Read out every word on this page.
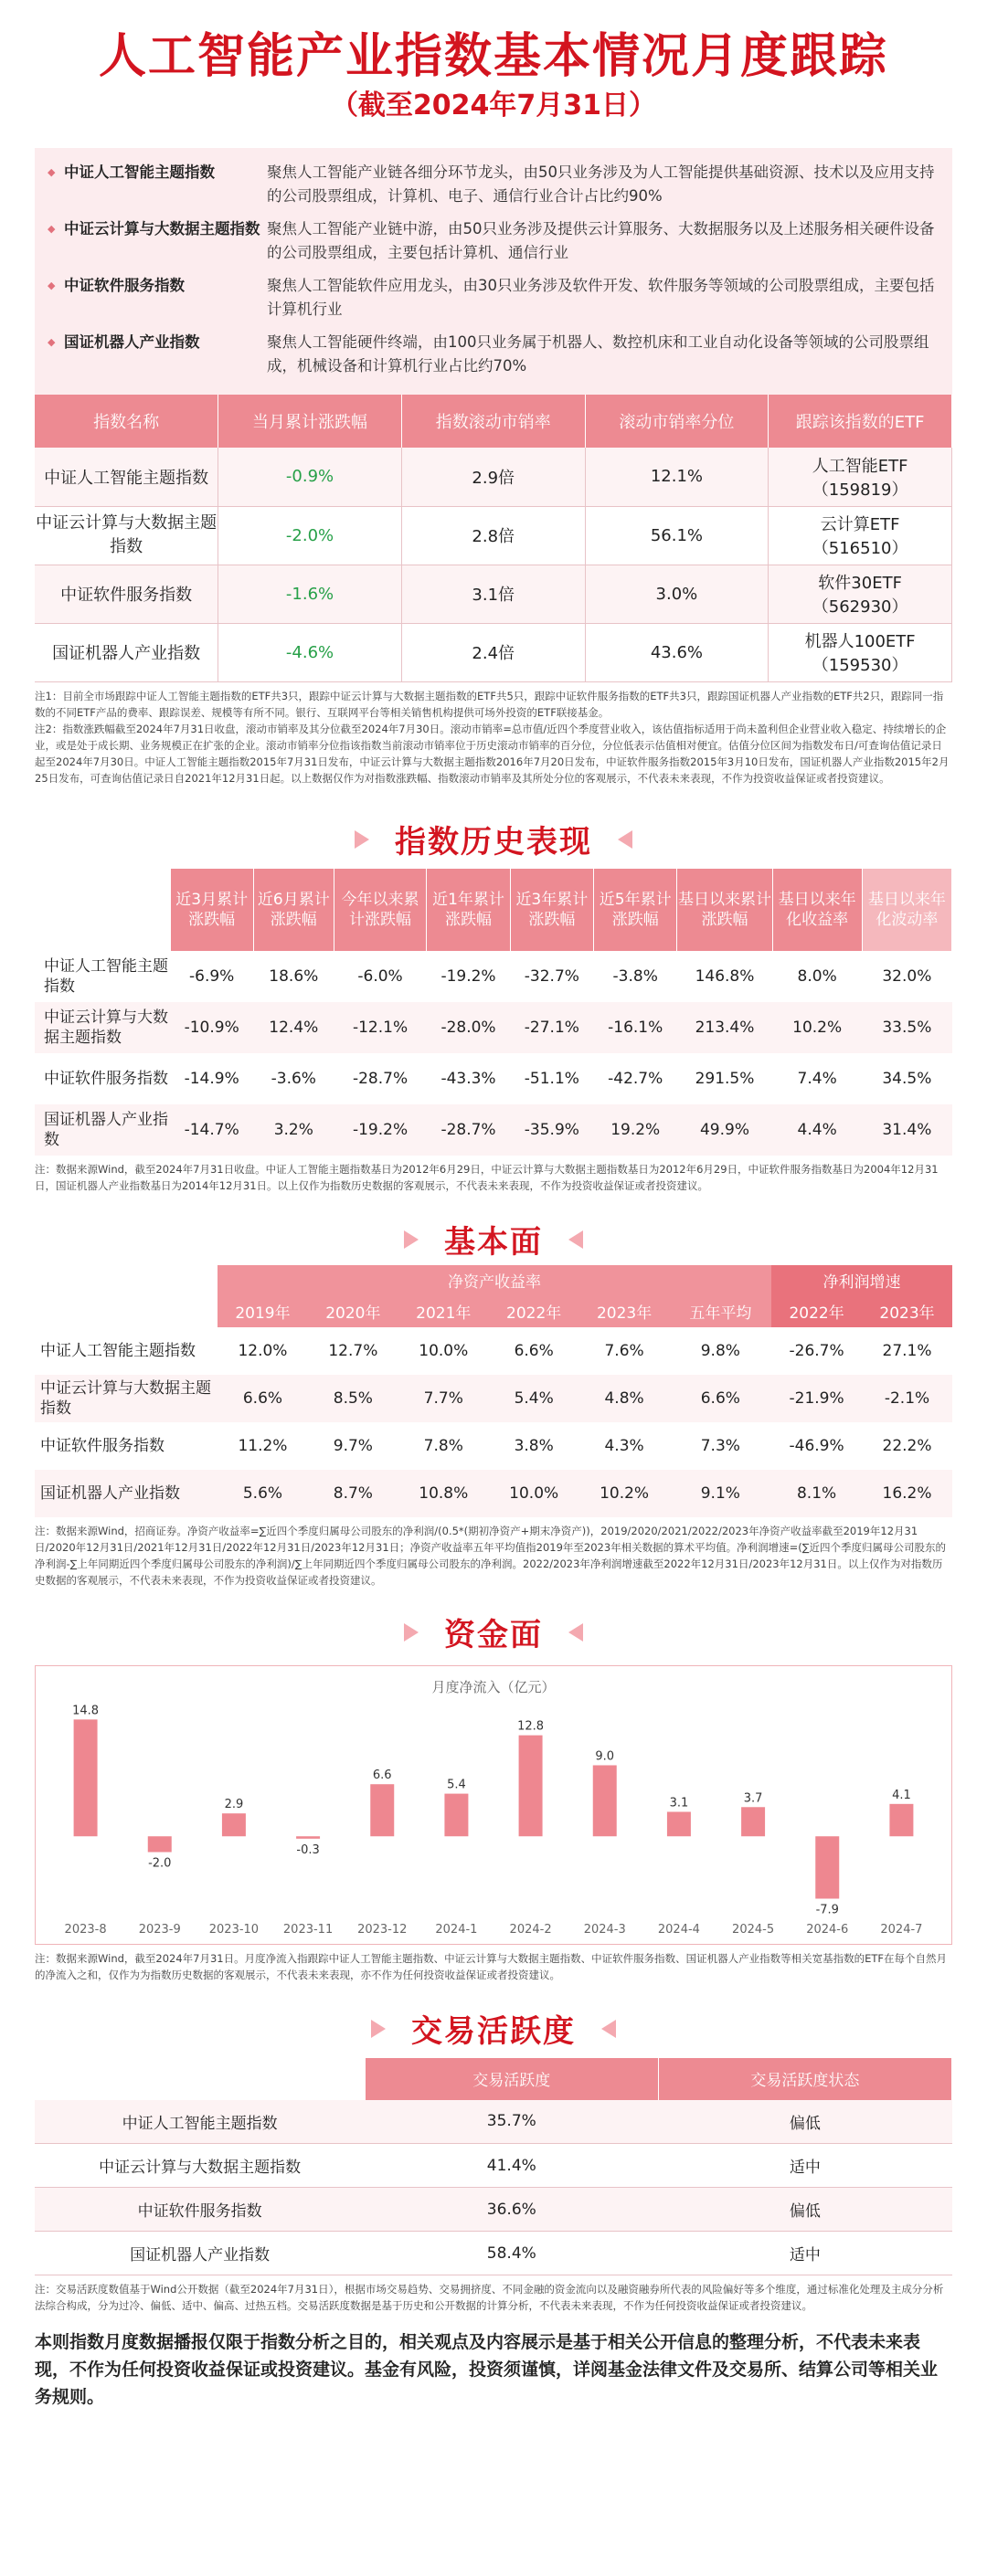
人工智能产业指数基本情况月度跟踪
（截至2024年7月31日）
◆ 中证人工智能主题指数	聚焦人工智能产业链各细分环节龙头，由50只业务涉及为人工智能提供基础资源、技术以及应用支持的公司股票组成，计算机、电子、通信行业合计占比约90%
◆ 中证云计算与大数据主题指数 聚焦人工智能产业链中游，由50只业务涉及提供云计算服务、大数据服务以及上述服务相关硬件设备的公司股票组成，主要包括计算机、通信行业
◆ 中证软件服务指数	聚焦人工智能软件应用龙头，由30只业务涉及软件开发、软件服务等领域的公司股票组成，主要包括计算机行业
◆ 国证机器人产业指数	聚焦人工智能硬件终端，由100只业务属于机器人、数控机床和工业自动化设备等领域的公司股票组成，机械设备和计算机行业占比约70%
指数名称	当月累计涨跌幅	指数滚动市销率	滚动市销率分位	跟踪该指数的ETF
中证人工智能主题指数	-0.9%	2.9倍	12.1%	人工智能ETF
（159819）

中证云计算与大数据主题指数	-2.0%	2.8倍	56.1%	云计算ETF
（516510）

中证软件服务指数	-1.6%	3.1倍	3.0%	软件30ETF
（562930）

国证机器人产业指数	-4.6%	2.4倍	43.6%	机器人100ETF
（159530）
注1：目前全市场跟踪中证人工智能主题指数的ETF共3只，跟踪中证云计算与大数据主题指数的ETF共5只，跟踪中证软件服务指数的ETF共3只，跟踪国证机器人产业指数的ETF共2只，跟踪同一指数的不同ETF产品的费率、跟踪误差、规模等有所不同。银行、互联网平台等相关销售机构提供可场外投资的ETF联接基金。
注2：指数涨跌幅截至2024年7月31日收盘，滚动市销率及其分位截至2024年7月30日。滚动市销率=总市值/近四个季度营业收入，该估值指标适用于尚未盈利但企业营业收入稳定、持续增长的企业，或是处于成长期、业务规模正在扩张的企业。滚动市销率分位指该指数当前滚动市销率位于历史滚动市销率的百分位，分位低表示估值相对便宜。估值分位区间为指数发布日/可查询估值记录日起至2024年7月30日。中证人工智能主题指数2015年7月31日发布，中证云计算与大数据主题指数2016年7月20日发布，中证软件服务指数2015年3月10日发布，国证机器人产业指数2015年2月25日发布，可查询估值记录日自2021年12月31日起。以上数据仅作为对指数涨跌幅、指数滚动市销率及其所处分位的客观展示，不代表未来表现，不作为投资收益保证或者投资建议。
指数历史表现
	近3月累计涨跌幅	近6月累计涨跌幅	今年以来累计涨跌幅	近1年累计涨跌幅	近3年累计涨跌幅	近5年累计涨跌幅	基日以来累计涨跌幅	基日以来年化收益率	基日以来年化波动率
中证人工智能主题指数	-6.9%	18.6%	-6.0%	-19.2%	-32.7%	-3.8%	146.8%	8.0%	32.0%
中证云计算与大数据主题指数	-10.9%	12.4%	-12.1%	-28.0%	-27.1%	-16.1%	213.4%	10.2%	33.5%
中证软件服务指数	-14.9%	-3.6%	-28.7%	-43.3%	-51.1%	-42.7%	291.5%	7.4%	34.5%
国证机器人产业指数	-14.7%	3.2%	-19.2%	-28.7%	-35.9%	19.2%	49.9%	4.4%	31.4%
注：数据来源Wind，截至2024年7月31日收盘。中证人工智能主题指数基日为2012年6月29日，中证云计算与大数据主题指数基日为2012年6月29日，中证软件服务指数基日为2004年12月31日，国证机器人产业指数基日为2014年12月31日。以上仅作为指数历史数据的客观展示，不代表未来表现，不作为投资收益保证或者投资建议。
基本面
	净资产收益率						净利润增速	
	2019年	2020年	2021年	2022年	2023年	五年平均	2022年	2023年
中证人工智能主题指数	12.0%	12.7%	10.0%	6.6%	7.6%	9.8%	-26.7%	27.1%
中证云计算与大数据主题指数	6.6%	8.5%	7.7%	5.4%	4.8%	6.6%	-21.9%	-2.1%
中证软件服务指数	11.2%	9.7%	7.8%	3.8%	4.3%	7.3%	-46.9%	22.2%
国证机器人产业指数	5.6%	8.7%	10.8%	10.0%	10.2%	9.1%	8.1%	16.2%
注：数据来源Wind，招商证券。净资产收益率=∑近四个季度归属母公司股东的净利润/(0.5*(期初净资产+期末净资产))，2019/2020/2021/2022/2023年净资产收益率截至2019年12月31日/2020年12月31日/2021年12月31日/2022年12月31日/2023年12月31日；净资产收益率五年平均值指2019年至2023年相关数据的算术平均值。净利润增速=(∑近四个季度归属母公司股东的净利润-∑上年同期近四个季度归属母公司股东的净利润)/∑上年同期近四个季度归属母公司股东的净利润。2022/2023年净利润增速截至2022年12月31日/2023年12月31日。以上仅作为对指数历史数据的客观展示，不代表未来表现，不作为投资收益保证或者投资建议。
资金面
月度净流入（亿元）
14.8
2023-8
-2.0
2023-9
2.9
2023-10
-0.3
2023-11
6.6
2023-12
5.4
2024-1
12.8
2024-2
9.0
2024-3
3.1
2024-4
3.7
2024-5
-7.9
2024-6
4.1
2024-7
注：数据来源Wind，截至2024年7月31日。月度净流入指跟踪中证人工智能主题指数、中证云计算与大数据主题指数、中证软件服务指数、国证机器人产业指数等相关宽基指数的ETF在每个自然月的净流入之和，仅作为为指数历史数据的客观展示，不代表未来表现，亦不作为任何投资收益保证或者投资建议。
交易活跃度
	交易活跃度	交易活跃度状态
中证人工智能主题指数	35.7%	偏低
中证云计算与大数据主题指数	41.4%	适中
中证软件服务指数	36.6%	偏低
国证机器人产业指数	58.4%	适中
注：交易活跃度数值基于Wind公开数据（截至2024年7月31日），根据市场交易趋势、交易拥挤度、不同金融的资金流向以及融资融券所代表的风险偏好等多个维度，通过标准化处理及主成分分析法综合构成，分为过冷、偏低、适中、偏高、过热五档。交易活跃度数据是基于历史和公开数据的计算分析，不代表未来表现，不作为任何投资收益保证或者投资建议。
本则指数月度数据播报仅限于指数分析之目的，相关观点及内容展示是基于相关公开信息的整理分析，不代表未来表现，不作为任何投资收益保证或投资建议。基金有风险，投资须谨慎，详阅基金法律文件及交易所、结算公司等相关业务规则。
